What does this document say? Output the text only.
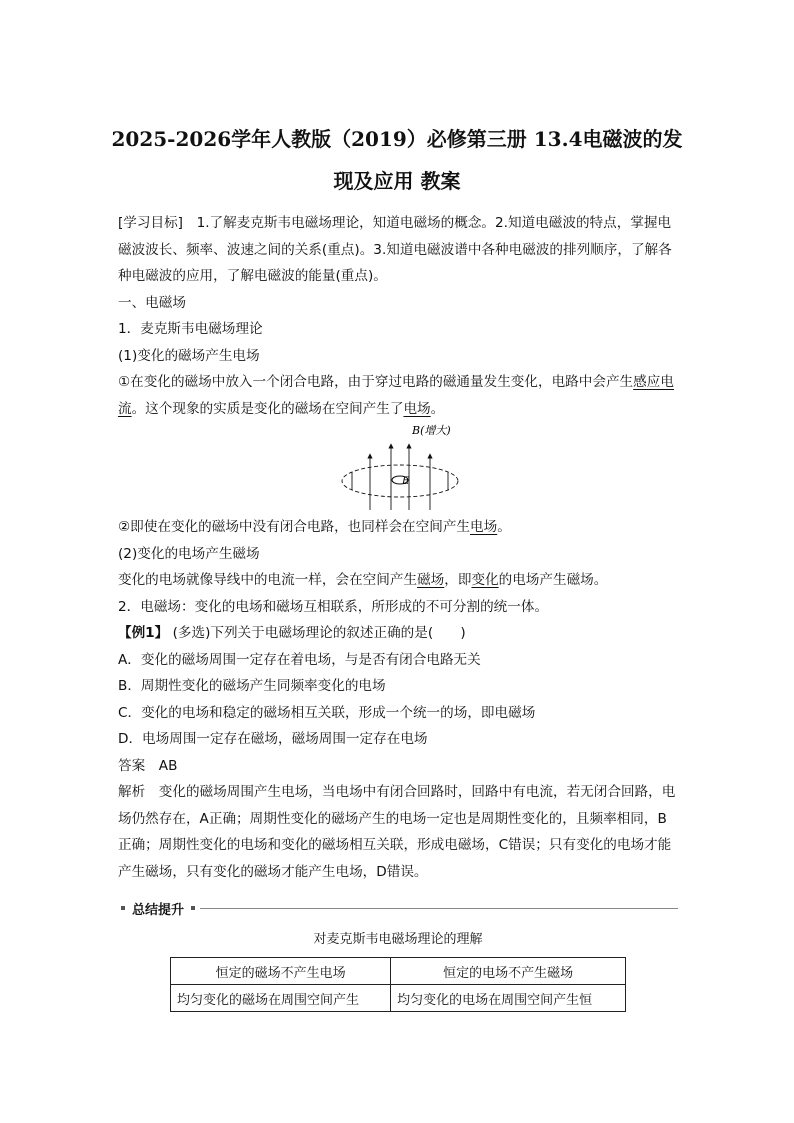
2025-2026学年人教版（2019）必修第三册 13.4电磁波的发
现及应用 教案

[学习目标]　1.了解麦克斯韦电磁场理论，知道电磁场的概念。2.知道电磁波的特点，掌握电磁波波长、频率、波速之间的关系(重点)。3.知道电磁波谱中各种电磁波的排列顺序，了解各种电磁波的应用，了解电磁波的能量(重点)。

一、电磁场

1．麦克斯韦电磁场理论

(1)变化的磁场产生电场

①在变化的磁场中放入一个闭合电路，由于穿过电路的磁通量发生变化，电路中会产生感应电流。这个现象的实质是变化的磁场在空间产生了电场。

B(增大)
E

②即使在变化的磁场中没有闭合电路，也同样会在空间产生电场。

(2)变化的电场产生磁场

变化的电场就像导线中的电流一样，会在空间产生磁场，即变化的电场产生磁场。

2．电磁场：变化的电场和磁场互相联系，所形成的不可分割的统一体。

【例1】 (多选)下列关于电磁场理论的叙述正确的是(　　)

A．变化的磁场周围一定存在着电场，与是否有闭合电路无关

B．周期性变化的磁场产生同频率变化的电场

C．变化的电场和稳定的磁场相互关联，形成一个统一的场，即电磁场

D．电场周围一定存在磁场，磁场周围一定存在电场

答案　 AB

解析　 变化的磁场周围产生电场，当电场中有闭合回路时，回路中有电流，若无闭合回路，电场仍然存在，A正确；周期性变化的磁场产生的电场一定也是周期性变化的，且频率相同，B正确；周期性变化的电场和变化的磁场相互关联，形成电磁场，C错误；只有变化的电场才能产生磁场，只有变化的磁场才能产生电场，D错误。

总结提升
对麦克斯韦电磁场理论的理解
恒定的磁场不产生电场	恒定的电场不产生磁场
均匀变化的磁场在周围空间产生	均匀变化的电场在周围空间产生恒
